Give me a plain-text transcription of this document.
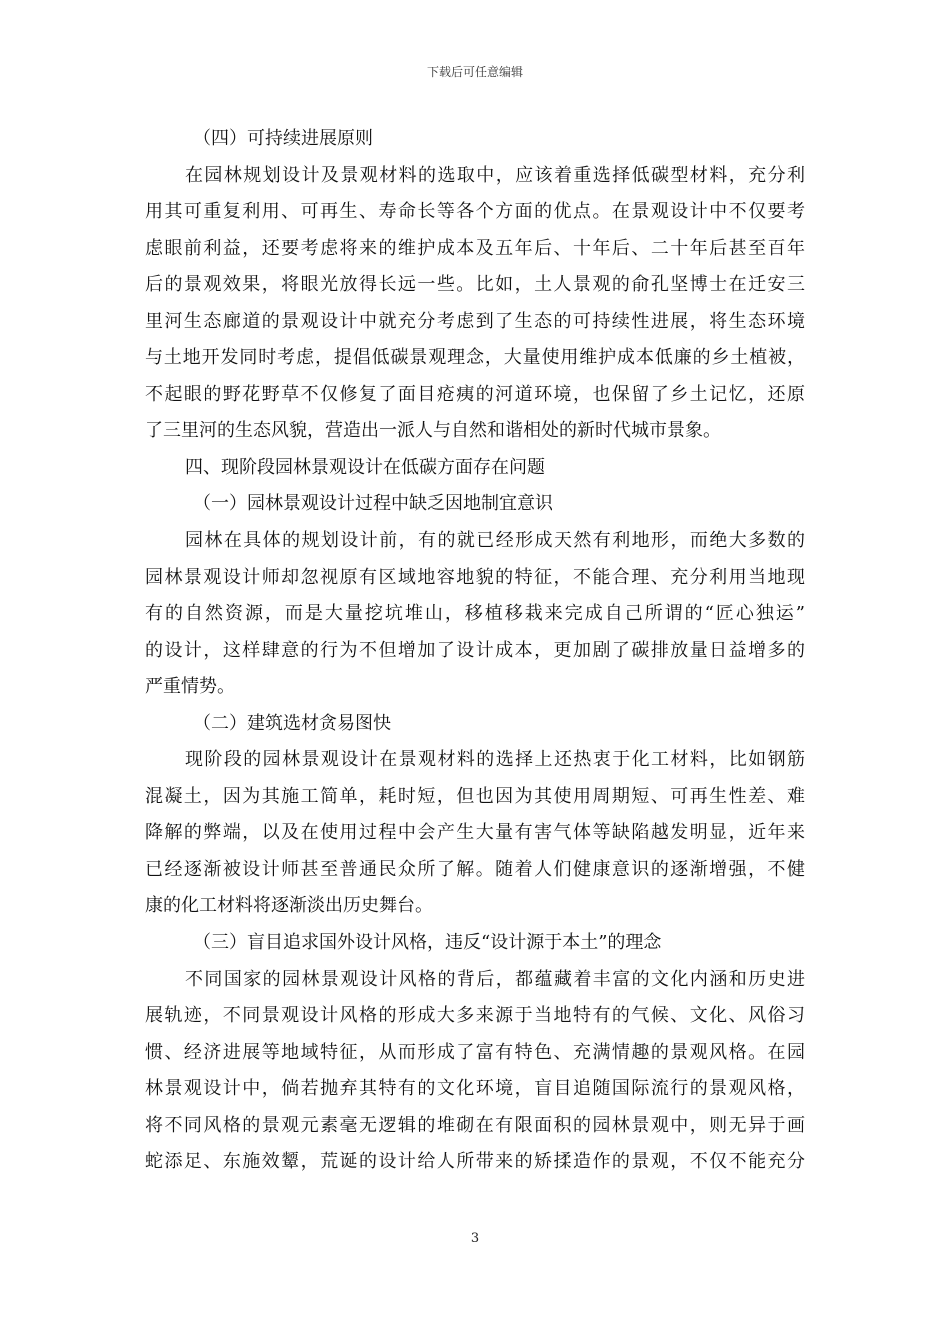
下载后可任意编辑
（四）可持续进展原则
在园林规划设计及景观材料的选取中，应该着重选择低碳型材料，充分利
用其可重复利用、可再生、寿命长等各个方面的优点。在景观设计中不仅要考
虑眼前利益，还要考虑将来的维护成本及五年后、十年后、二十年后甚至百年
后的景观效果，将眼光放得长远一些。比如，土人景观的俞孔坚博士在迁安三
里河生态廊道的景观设计中就充分考虑到了生态的可持续性进展，将生态环境
与土地开发同时考虑，提倡低碳景观理念，大量使用维护成本低廉的乡土植被，
不起眼的野花野草不仅修复了面目疮痍的河道环境，也保留了乡土记忆，还原
了三里河的生态风貌，营造出一派人与自然和谐相处的新时代城市景象。
四、现阶段园林景观设计在低碳方面存在问题
（一）园林景观设计过程中缺乏因地制宜意识
园林在具体的规划设计前，有的就已经形成天然有利地形，而绝大多数的
园林景观设计师却忽视原有区域地容地貌的特征，不能合理、充分利用当地现
有的自然资源，而是大量挖坑堆山，移植移栽来完成自己所谓的“匠心独运”
的设计，这样肆意的行为不但增加了设计成本，更加剧了碳排放量日益增多的
严重情势。
（二）建筑选材贪易图快
现阶段的园林景观设计在景观材料的选择上还热衷于化工材料，比如钢筋
混凝土，因为其施工简单，耗时短，但也因为其使用周期短、可再生性差、难
降解的弊端，以及在使用过程中会产生大量有害气体等缺陷越发明显，近年来
已经逐渐被设计师甚至普通民众所了解。随着人们健康意识的逐渐增强，不健
康的化工材料将逐渐淡出历史舞台。
（三）盲目追求国外设计风格，违反“设计源于本土”的理念
不同国家的园林景观设计风格的背后，都蕴藏着丰富的文化内涵和历史进
展轨迹，不同景观设计风格的形成大多来源于当地特有的气候、文化、风俗习
惯、经济进展等地域特征，从而形成了富有特色、充满情趣的景观风格。在园
林景观设计中，倘若抛弃其特有的文化环境，盲目追随国际流行的景观风格，
将不同风格的景观元素毫无逻辑的堆砌在有限面积的园林景观中，则无异于画
蛇添足、东施效颦，荒诞的设计给人所带来的矫揉造作的景观，不仅不能充分
3
